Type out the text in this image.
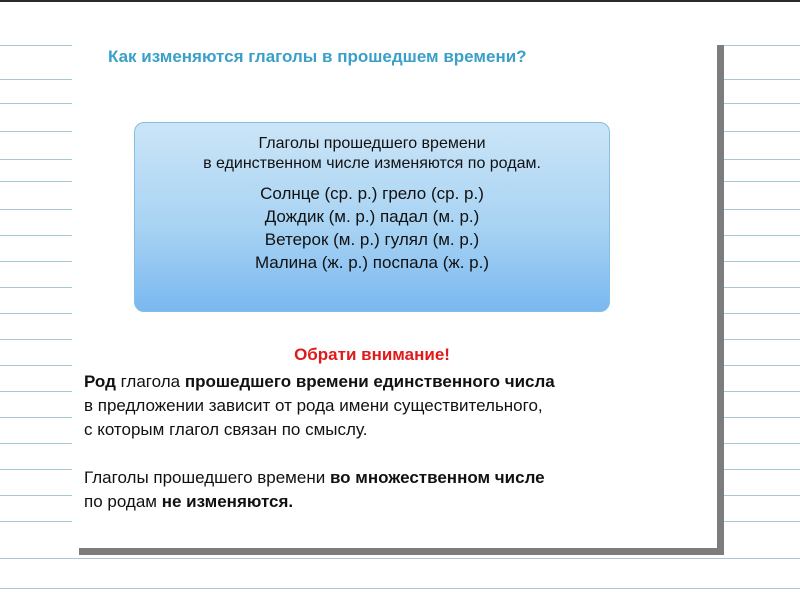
Как изменяются глаголы в прошедшем времени?

Глаголы прошедшего времени

в единственном числе изменяются по родам.

Солнце (ср. р.) грело (ср. р.)

Дождик (м. р.) падал (м. р.)

Ветерок (м. р.) гулял (м. р.)

Малина (ж. р.) поспала (ж. р.)

Обрати внимание!

Род глагола прошедшего времени единственного числа
в предложении зависит от рода имени существительного,
с которым глагол связан по смыслу.

Глаголы прошедшего времени во множественном числе
по родам не изменяются.
